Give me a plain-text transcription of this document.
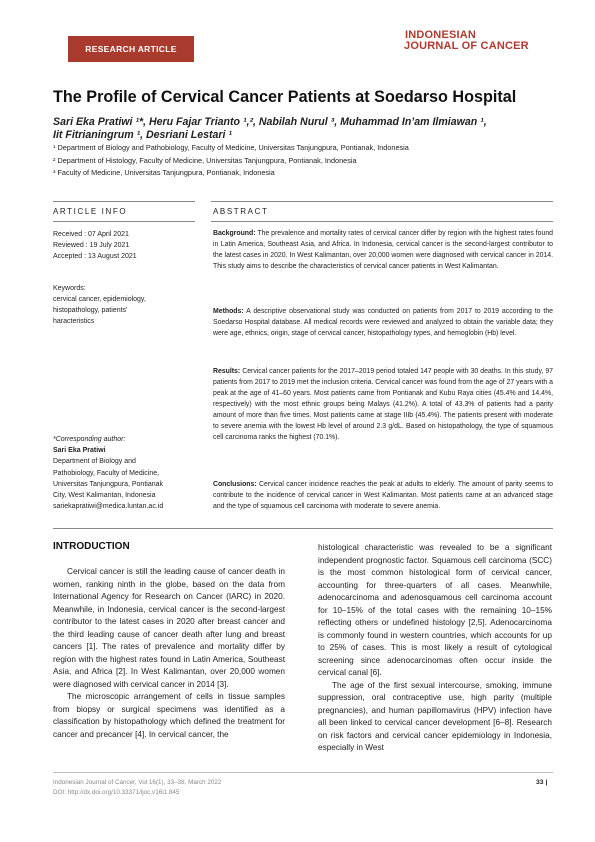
RESEARCH ARTICLE
INDONESIAN
JOURNAL OF CANCER
The Profile of Cervical Cancer Patients at Soedarso Hospital
Sari Eka Pratiwi ¹*, Heru Fajar Trianto ¹,², Nabilah Nurul ³, Muhammad In’am Ilmiawan ¹,
Iit Fitrianingrum ¹, Desriani Lestari ¹
¹ Department of Biology and Pathobiology, Faculty of Medicine, Universitas Tanjungpura, Pontianak, Indonesia
² Department of Histology, Faculty of Medicine, Universitas Tanjungpura, Pontianak, Indonesia
³ Faculty of Medicine, Universitas Tanjungpura, Pontianak, Indonesia
ARTICLE INFO	ABSTRACT
Received : 07 April 2021
Reviewed : 19 July 2021
Accepted : 13 August 2021
Keywords:
cervical cancer, epidemiology,
histopathology, patients’
haracteristics
*Corresponding author:
Sari Eka Pratiwi
Department of Biology and
Pathobiology, Faculty of Medicine,
Universitas Tanjungpura, Pontianak
City, West Kalimantan, Indonesia
sariekapratiwi@medica.luntan.ac.id
Background: The prevalence and mortality rates of cervical cancer differ by region with the highest rates found in Latin America, Southeast Asia, and Africa. In Indonesia, cervical cancer is the second-largest contributor to the latest cases in 2020. In West Kalimantan, over 20,000 women were diagnosed with cervical cancer in 2014. This study aims to describe the characteristics of cervical cancer patients in West Kalimantan.
Methods: A descriptive observational study was conducted on patients from 2017 to 2019 according to the Soedarso Hospital database. All medical records were reviewed and analyzed to obtain the variable data; they were age, ethnics, origin, stage of cervical cancer, histopathology types, and hemoglobin (Hb) level.
Results: Cervical cancer patients for the 2017–2019 period totaled 147 people with 30 deaths. In this study, 97 patients from 2017 to 2019 met the inclusion criteria. Cervical cancer was found from the age of 27 years with a peak at the age of 41–60 years. Most patients came from Pontianak and Kubu Raya cities (45.4% and 14.4%, respectively) with the most ethnic groups being Malays (41.2%). A total of 43.3% of patients had a parity amount of more than five times. Most patients came at stage IIIb (45.4%). The patients present with moderate to severe anemia with the lowest Hb level of around 2.3 g/dL. Based on histopathology, the type of squamous cell carcinoma ranks the highest (70.1%).
Conclusions: Cervical cancer incidence reaches the peak at adults to elderly. The amount of parity seems to contribute to the incidence of cervical cancer in West Kalimantan. Most patients came at an advanced stage and the type of squamous cell carcinoma with moderate to severe anemia.
INTRODUCTION

Cervical cancer is still the leading cause of cancer death in women, ranking ninth in the globe, based on the data from International Agency for Research on Cancer (IARC) in 2020. Meanwhile, in Indonesia, cervical cancer is the second-largest contributor to the latest cases in 2020 after breast cancer and the third leading cause of cancer death after lung and breast cancers [1]. The rates of prevalence and mortality differ by region with the highest rates found in Latin America, Southeast Asia, and Africa [2]. In West Kalimantan, over 20,000 women were diagnosed with cervical cancer in 2014 [3].

The microscopic arrangement of cells in tissue samples from biopsy or surgical specimens was identified as a classification by histopathology which defined the treatment for cancer and precancer [4]. In cervical cancer, the

histological characteristic was revealed to be a significant independent prognostic factor. Squamous cell carcinoma (SCC) is the most common histological form of cervical cancer, accounting for three-quarters of all cases. Meanwhile, adenocarcinoma and adenosquamous cell carcinoma account for 10–15% of the total cases with the remaining 10–15% reflecting others or undefined histology [2,5]. Adenocarcinoma is commonly found in western countries, which accounts for up to 25% of cases. This is most likely a result of cytological screening since adenocarcinomas often occur inside the cervical canal [6].

The age of the first sexual intercourse, smoking, immune suppression, oral contraceptive use, high parity (multiple pregnancies), and human papillomavirus (HPV) infection have all been linked to cervical cancer development [6–8]. Research on risk factors and cervical cancer epidemiology in Indonesia, especially in West

Indonesian Journal of Cancer, Vol 16(1), 33–38, March 2022
DOI: http://dx.doi.org/10.33371/ijoc.v16i1.845
33 |
